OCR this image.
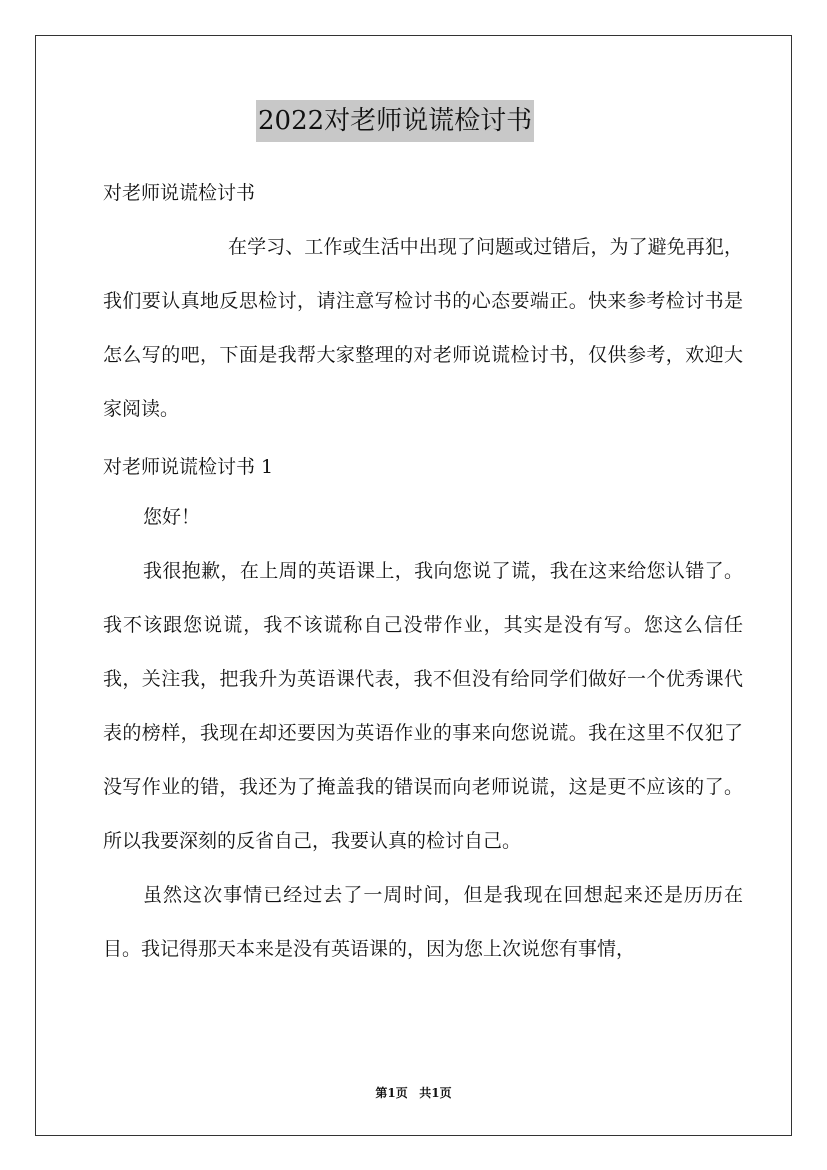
2022对老师说谎检讨书
对老师说谎检讨书

在学习、工作或生活中出现了问题或过错后，为了避免再犯，我们要认真地反思检讨，请注意写检讨书的心态要端正。快来参考检讨书是怎么写的吧，下面是我帮大家整理的对老师说谎检讨书，仅供参考，欢迎大家阅读。

对老师说谎检讨书 1

您好！

我很抱歉，在上周的英语课上，我向您说了谎，我在这来给您认错了。我不该跟您说谎，我不该谎称自己没带作业，其实是没有写。您这么信任我，关注我，把我升为英语课代表，我不但没有给同学们做好一个优秀课代表的榜样，我现在却还要因为英语作业的事来向您说谎。我在这里不仅犯了没写作业的错，我还为了掩盖我的错误而向老师说谎，这是更不应该的了。所以我要深刻的反省自己，我要认真的检讨自己。

虽然这次事情已经过去了一周时间，但是我现在回想起来还是历历在目。我记得那天本来是没有英语课的，因为您上次说您有事情，

第1页 共1页
